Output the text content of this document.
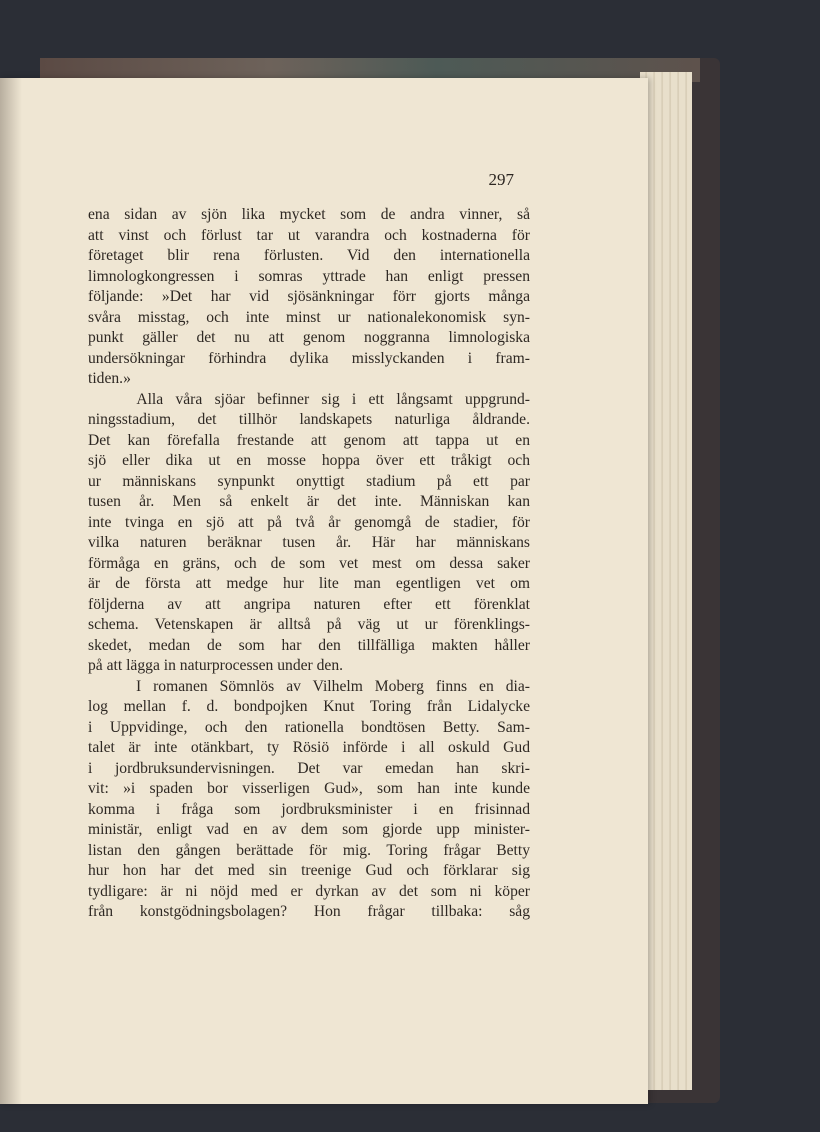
297
ena sidan av sjön lika mycket som de andra vinner, så
att vinst och förlust tar ut varandra och kostnaderna för
företaget blir rena förlusten. Vid den internationella
limnologkongressen i somras yttrade han enligt pressen
följande: »Det har vid sjösänkningar förr gjorts många
svåra misstag, och inte minst ur nationalekonomisk syn-
punkt gäller det nu att genom noggranna limnologiska
undersökningar förhindra dylika misslyckanden i fram-
tiden.»
Alla våra sjöar befinner sig i ett långsamt uppgrund-
ningsstadium, det tillhör landskapets naturliga åldrande.
Det kan förefalla frestande att genom att tappa ut en
sjö eller dika ut en mosse hoppa över ett tråkigt och
ur människans synpunkt onyttigt stadium på ett par
tusen år. Men så enkelt är det inte. Människan kan
inte tvinga en sjö att på två år genomgå de stadier, för
vilka naturen beräknar tusen år. Här har människans
förmåga en gräns, och de som vet mest om dessa saker
är de första att medge hur lite man egentligen vet om
följderna av att angripa naturen efter ett förenklat
schema. Vetenskapen är alltså på väg ut ur förenklings-
skedet, medan de som har den tillfälliga makten håller
på att lägga in naturprocessen under den.
I romanen Sömnlös av Vilhelm Moberg finns en dia-
log mellan f. d. bondpojken Knut Toring från Lidalycke
i Uppvidinge, och den rationella bondtösen Betty. Sam-
talet är inte otänkbart, ty Rösiö införde i all oskuld Gud
i jordbruksundervisningen. Det var emedan han skri-
vit: »i spaden bor visserligen Gud», som han inte kunde
komma i fråga som jordbruksminister i en frisinnad
ministär, enligt vad en av dem som gjorde upp minister-
listan den gången berättade för mig. Toring frågar Betty
hur hon har det med sin treenige Gud och förklarar sig
tydligare: är ni nöjd med er dyrkan av det som ni köper
från konstgödningsbolagen? Hon frågar tillbaka: såg
